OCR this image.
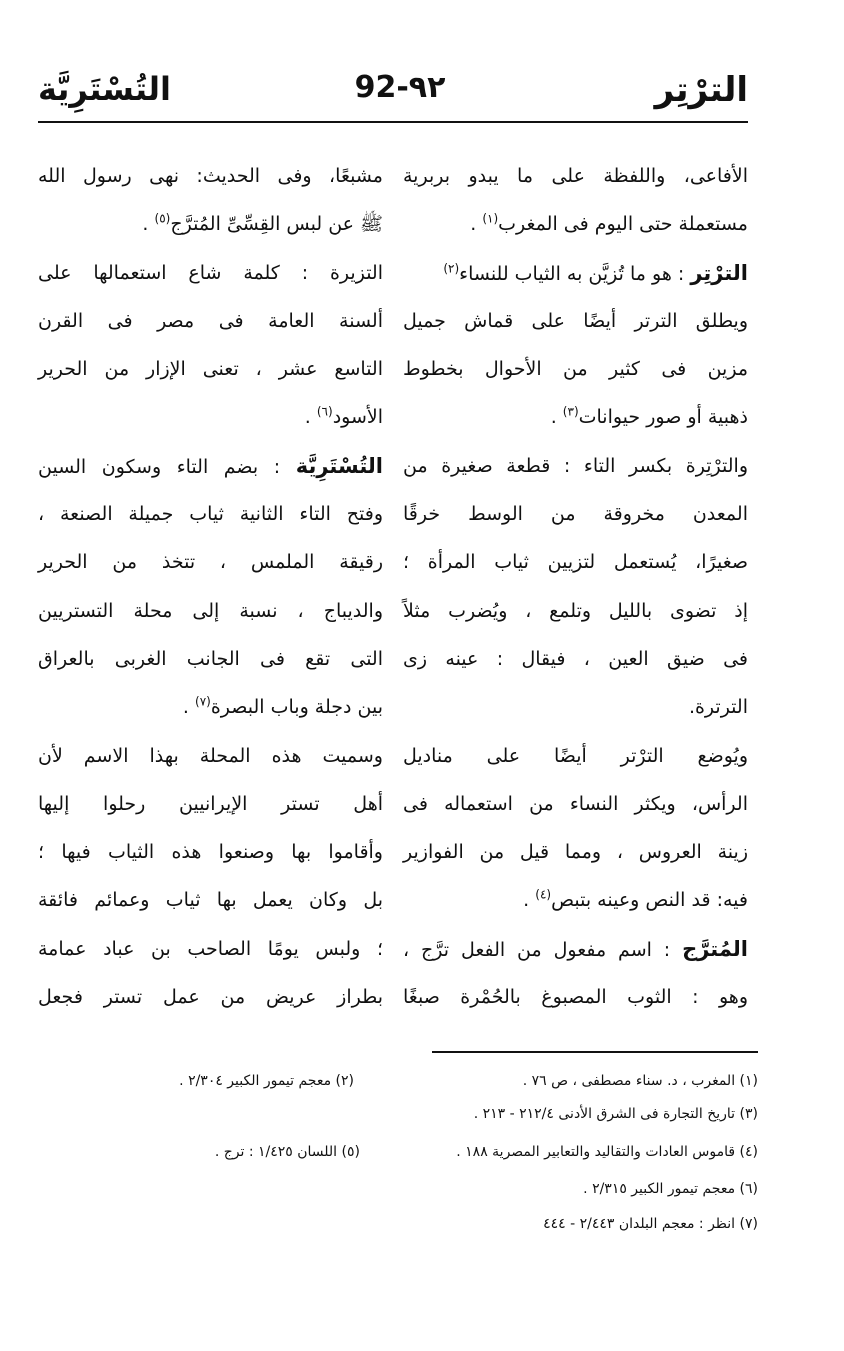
الترْتِر
92-٩٢
التُسْتَرِيَّة
الأفاعى، واللفظة على ما يبدو بربرية
مستعملة حتى اليوم فى المغرب$^{(١)}$ .
الترْتِر : هو ما تُزيَّن به الثياب للنساء$^{(٢)}$
ويطلق الترتر أيضًا على قماش جميل
مزين فى كثير من الأحوال بخطوط
ذهبية أو صور حيوانات$^{(٣)}$ .
والترْتِرة بكسر التاء : قطعة صغيرة من
المعدن مخروقة من الوسط خرقًا
صغيرًا، يُستعمل لتزيين ثياب المرأة ؛
إذ تضوى بالليل وتلمع ، ويُضرب مثلاً
فى ضيق العين ، فيقال : عينه زى
الترترة.
ويُوضع الترْتر أيضًا على مناديل
الرأس، ويكثر النساء من استعماله فى
زينة العروس ، ومما قيل من الفوازير
فيه: قد النص وعينه بتبص$^{(٤)}$ .
المُترَّج : اسم مفعول من الفعل ترَّج ،
وهو : الثوب المصبوغ بالحُمْرة صبغًا
مشبعًا، وفى الحديث: نهى رسول الله
ﷺ عن لبس القِسِّىِّ المُترَّج$^{(٥)}$ .
التزيرة : كلمة شاع استعمالها على
ألسنة العامة فى مصر فى القرن
التاسع عشر ، تعنى الإزار من الحرير
الأسود$^{(٦)}$ .
التُسْتَرِيَّة : بضم التاء وسكون السين
وفتح التاء الثانية ثياب جميلة الصنعة ،
رقيقة الملمس ، تتخذ من الحرير
والديباج ، نسبة إلى محلة التستريين
التى تقع فى الجانب الغربى بالعراق
بين دجلة وباب البصرة$^{(٧)}$ .
وسميت هذه المحلة بهذا الاسم لأن
أهل تستر الإيرانيين رحلوا إليها
وأقاموا بها وصنعوا هذه الثياب فيها ؛
بل وكان يعمل بها ثياب وعمائم فائقة
؛ ولبس يومًا الصاحب بن عباد عمامة
بطراز عريض من عمل تستر فجعل
(١) المغرب ، د. سناء مصطفى ، ص ٧٦ .
(٢) معجم تيمور الكبير ٢/٣٠٤ .
(٣) تاريخ التجارة فى الشرق الأدنى ٢١٢/٤ - ٢١٣ .
(٤) قاموس العادات والتقاليد والتعابير المصرية ١٨٨ .
(٥) اللسان ١/٤٢٥ : ترج .
(٦) معجم تيمور الكبير ٢/٣١٥ .
(٧) انظر : معجم البلدان ٢/٤٤٣ - ٤٤٤
